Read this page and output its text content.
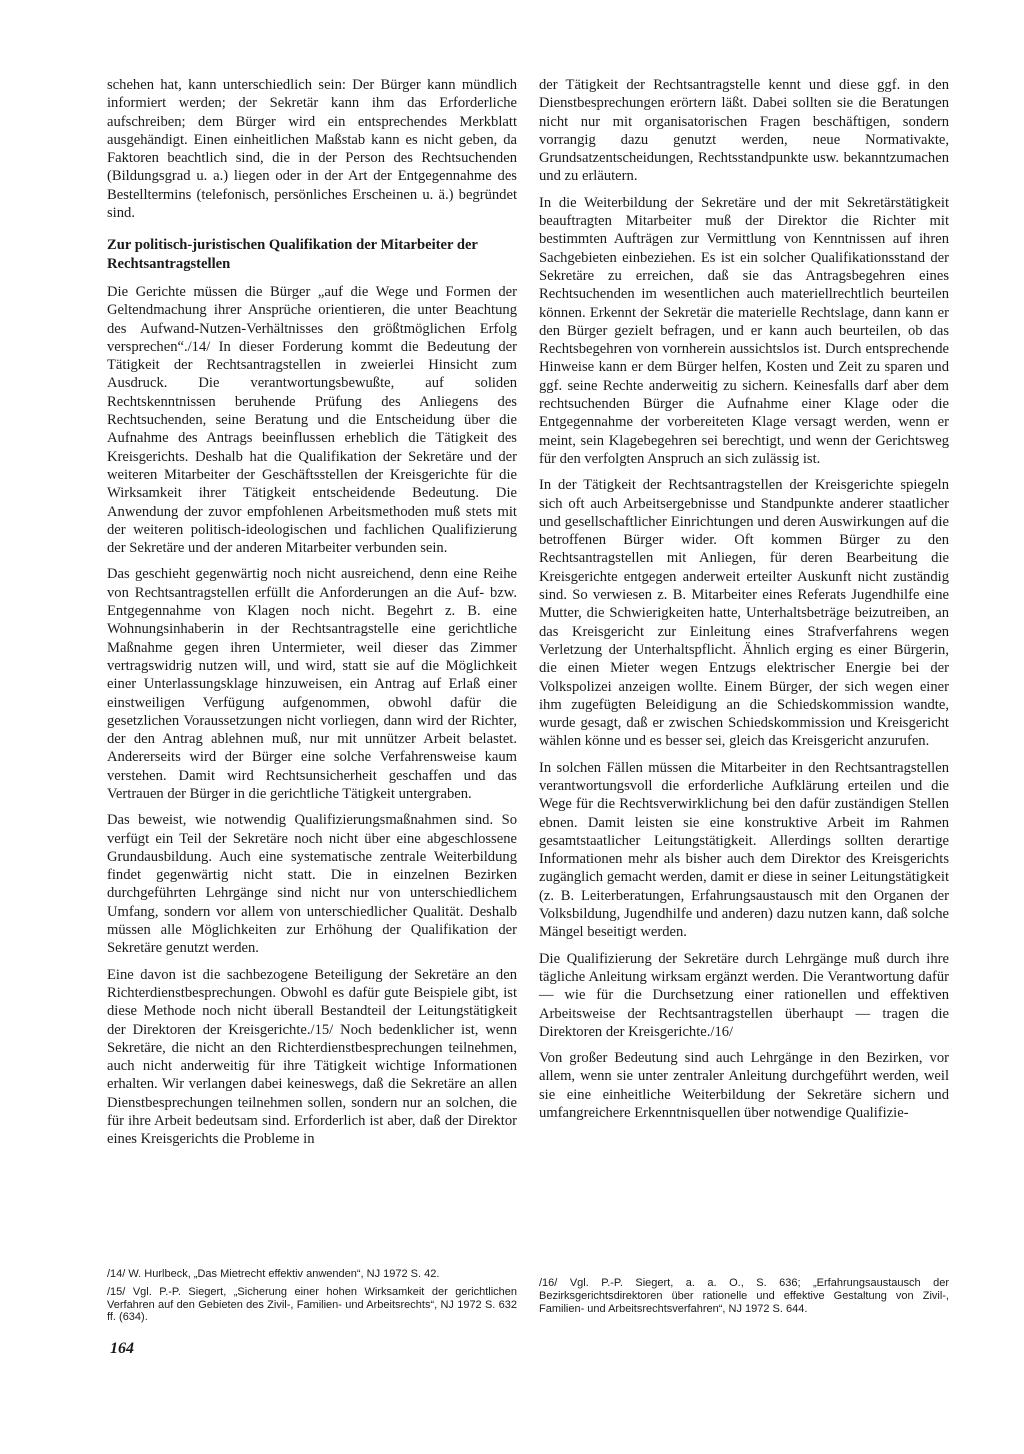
schehen hat, kann unterschiedlich sein: Der Bürger kann mündlich informiert werden; der Sekretär kann ihm das Erforderliche aufschreiben; dem Bürger wird ein entsprechendes Merkblatt ausgehändigt. Einen einheitlichen Maßstab kann es nicht geben, da Faktoren beachtlich sind, die in der Person des Rechtsuchenden (Bildungsgrad u. a.) liegen oder in der Art der Entgegennahme des Bestelltermins (telefonisch, persönliches Erscheinen u. ä.) begründet sind.

Zur politisch-juristischen Qualifikation der Mitarbeiter der Rechtsantragstellen

Die Gerichte müssen die Bürger „auf die Wege und Formen der Geltendmachung ihrer Ansprüche orientieren, die unter Beachtung des Aufwand-Nutzen-Verhältnisses den größtmöglichen Erfolg versprechen“./14/ In dieser Forderung kommt die Bedeutung der Tätigkeit der Rechtsantragstellen in zweierlei Hinsicht zum Ausdruck. Die verantwortungsbewußte, auf soliden Rechtskenntnissen beruhende Prüfung des Anliegens des Rechtsuchenden, seine Beratung und die Entscheidung über die Aufnahme des Antrags beeinflussen erheblich die Tätigkeit des Kreisgerichts. Deshalb hat die Qualifikation der Sekretäre und der weiteren Mitarbeiter der Geschäftsstellen der Kreisgerichte für die Wirksamkeit ihrer Tätigkeit entscheidende Bedeutung. Die Anwendung der zuvor empfohlenen Arbeitsmethoden muß stets mit der weiteren politisch-ideologischen und fachlichen Qualifizierung der Sekretäre und der anderen Mitarbeiter verbunden sein.

Das geschieht gegenwärtig noch nicht ausreichend, denn eine Reihe von Rechtsantragstellen erfüllt die Anforderungen an die Auf- bzw. Entgegennahme von Klagen noch nicht. Begehrt z. B. eine Wohnungsinhaberin in der Rechtsantragstelle eine gerichtliche Maßnahme gegen ihren Untermieter, weil dieser das Zimmer vertragswidrig nutzen will, und wird, statt sie auf die Möglichkeit einer Unterlassungsklage hinzuweisen, ein Antrag auf Erlaß einer einstweiligen Verfügung aufgenommen, obwohl dafür die gesetzlichen Voraussetzungen nicht vorliegen, dann wird der Richter, der den Antrag ablehnen muß, nur mit unnützer Arbeit belastet. Andererseits wird der Bürger eine solche Verfahrensweise kaum verstehen. Damit wird Rechtsunsicherheit geschaffen und das Vertrauen der Bürger in die gerichtliche Tätigkeit untergraben.

Das beweist, wie notwendig Qualifizierungsmaßnahmen sind. So verfügt ein Teil der Sekretäre noch nicht über eine abgeschlossene Grundausbildung. Auch eine systematische zentrale Weiterbildung findet gegenwärtig nicht statt. Die in einzelnen Bezirken durchgeführten Lehrgänge sind nicht nur von unterschiedlichem Umfang, sondern vor allem von unterschiedlicher Qualität. Deshalb müssen alle Möglichkeiten zur Erhöhung der Qualifikation der Sekretäre genutzt werden.

Eine davon ist die sachbezogene Beteiligung der Sekretäre an den Richterdienstbesprechungen. Obwohl es dafür gute Beispiele gibt, ist diese Methode noch nicht überall Bestandteil der Leitungstätigkeit der Direktoren der Kreisgerichte./15/ Noch bedenklicher ist, wenn Sekretäre, die nicht an den Richterdienstbesprechungen teilnehmen, auch nicht anderweitig für ihre Tätigkeit wichtige Informationen erhalten. Wir verlangen dabei keineswegs, daß die Sekretäre an allen Dienstbesprechungen teilnehmen sollen, sondern nur an solchen, die für ihre Arbeit bedeutsam sind. Erforderlich ist aber, daß der Direktor eines Kreisgerichts die Probleme in

der Tätigkeit der Rechtsantragstelle kennt und diese ggf. in den Dienstbesprechungen erörtern läßt. Dabei sollten sie die Beratungen nicht nur mit organisatorischen Fragen beschäftigen, sondern vorrangig dazu genutzt werden, neue Normativakte, Grundsatzentscheidungen, Rechtsstandpunkte usw. bekanntzumachen und zu erläutern.

In die Weiterbildung der Sekretäre und der mit Sekretärstätigkeit beauftragten Mitarbeiter muß der Direktor die Richter mit bestimmten Aufträgen zur Vermittlung von Kenntnissen auf ihren Sachgebieten einbeziehen. Es ist ein solcher Qualifikationsstand der Sekretäre zu erreichen, daß sie das Antragsbegehren eines Rechtsuchenden im wesentlichen auch materiellrechtlich beurteilen können. Erkennt der Sekretär die materielle Rechtslage, dann kann er den Bürger gezielt befragen, und er kann auch beurteilen, ob das Rechtsbegehren von vornherein aussichtslos ist. Durch entsprechende Hinweise kann er dem Bürger helfen, Kosten und Zeit zu sparen und ggf. seine Rechte anderweitig zu sichern. Keinesfalls darf aber dem rechtsuchenden Bürger die Aufnahme einer Klage oder die Entgegennahme der vorbereiteten Klage versagt werden, wenn er meint, sein Klagebegehren sei berechtigt, und wenn der Gerichtsweg für den verfolgten Anspruch an sich zulässig ist.

In der Tätigkeit der Rechtsantragstellen der Kreisgerichte spiegeln sich oft auch Arbeitsergebnisse und Standpunkte anderer staatlicher und gesellschaftlicher Einrichtungen und deren Auswirkungen auf die betroffenen Bürger wider. Oft kommen Bürger zu den Rechtsantragstellen mit Anliegen, für deren Bearbeitung die Kreisgerichte entgegen anderweit erteilter Auskunft nicht zuständig sind. So verwiesen z. B. Mitarbeiter eines Referats Jugendhilfe eine Mutter, die Schwierigkeiten hatte, Unterhaltsbeträge beizutreiben, an das Kreisgericht zur Einleitung eines Strafverfahrens wegen Verletzung der Unterhaltspflicht. Ähnlich erging es einer Bürgerin, die einen Mieter wegen Entzugs elektrischer Energie bei der Volkspolizei anzeigen wollte. Einem Bürger, der sich wegen einer ihm zugefügten Beleidigung an die Schiedskommission wandte, wurde gesagt, daß er zwischen Schiedskommission und Kreisgericht wählen könne und es besser sei, gleich das Kreisgericht anzurufen.

In solchen Fällen müssen die Mitarbeiter in den Rechtsantragstellen verantwortungsvoll die erforderliche Aufklärung erteilen und die Wege für die Rechtsverwirklichung bei den dafür zuständigen Stellen ebnen. Damit leisten sie eine konstruktive Arbeit im Rahmen gesamtstaatlicher Leitungstätigkeit. Allerdings sollten derartige Informationen mehr als bisher auch dem Direktor des Kreisgerichts zugänglich gemacht werden, damit er diese in seiner Leitungstätigkeit (z. B. Leiterberatungen, Erfahrungsaustausch mit den Organen der Volksbildung, Jugendhilfe und anderen) dazu nutzen kann, daß solche Mängel beseitigt werden.

Die Qualifizierung der Sekretäre durch Lehrgänge muß durch ihre tägliche Anleitung wirksam ergänzt werden. Die Verantwortung dafür — wie für die Durchsetzung einer rationellen und effektiven Arbeitsweise der Rechtsantragstellen überhaupt — tragen die Direktoren der Kreisgerichte./16/

Von großer Bedeutung sind auch Lehrgänge in den Bezirken, vor allem, wenn sie unter zentraler Anleitung durchgeführt werden, weil sie eine einheitliche Weiterbildung der Sekretäre sichern und umfangreichere Erkenntnisquellen über notwendige Qualifizie-

/14/ W. Hurlbeck, „Das Mietrecht effektiv anwenden“, NJ 1972 S. 42.

/15/ Vgl. P.-P. Siegert, „Sicherung einer hohen Wirksamkeit der gerichtlichen Verfahren auf den Gebieten des Zivil-, Familien- und Arbeitsrechts“, NJ 1972 S. 632 ff. (634).

/16/ Vgl. P.-P. Siegert, a. a. O., S. 636; „Erfahrungsaustausch der Bezirksgerichtsdirektoren über rationelle und effektive Gestaltung von Zivil-, Familien- und Arbeitsrechtsverfahren“, NJ 1972 S. 644.

164
